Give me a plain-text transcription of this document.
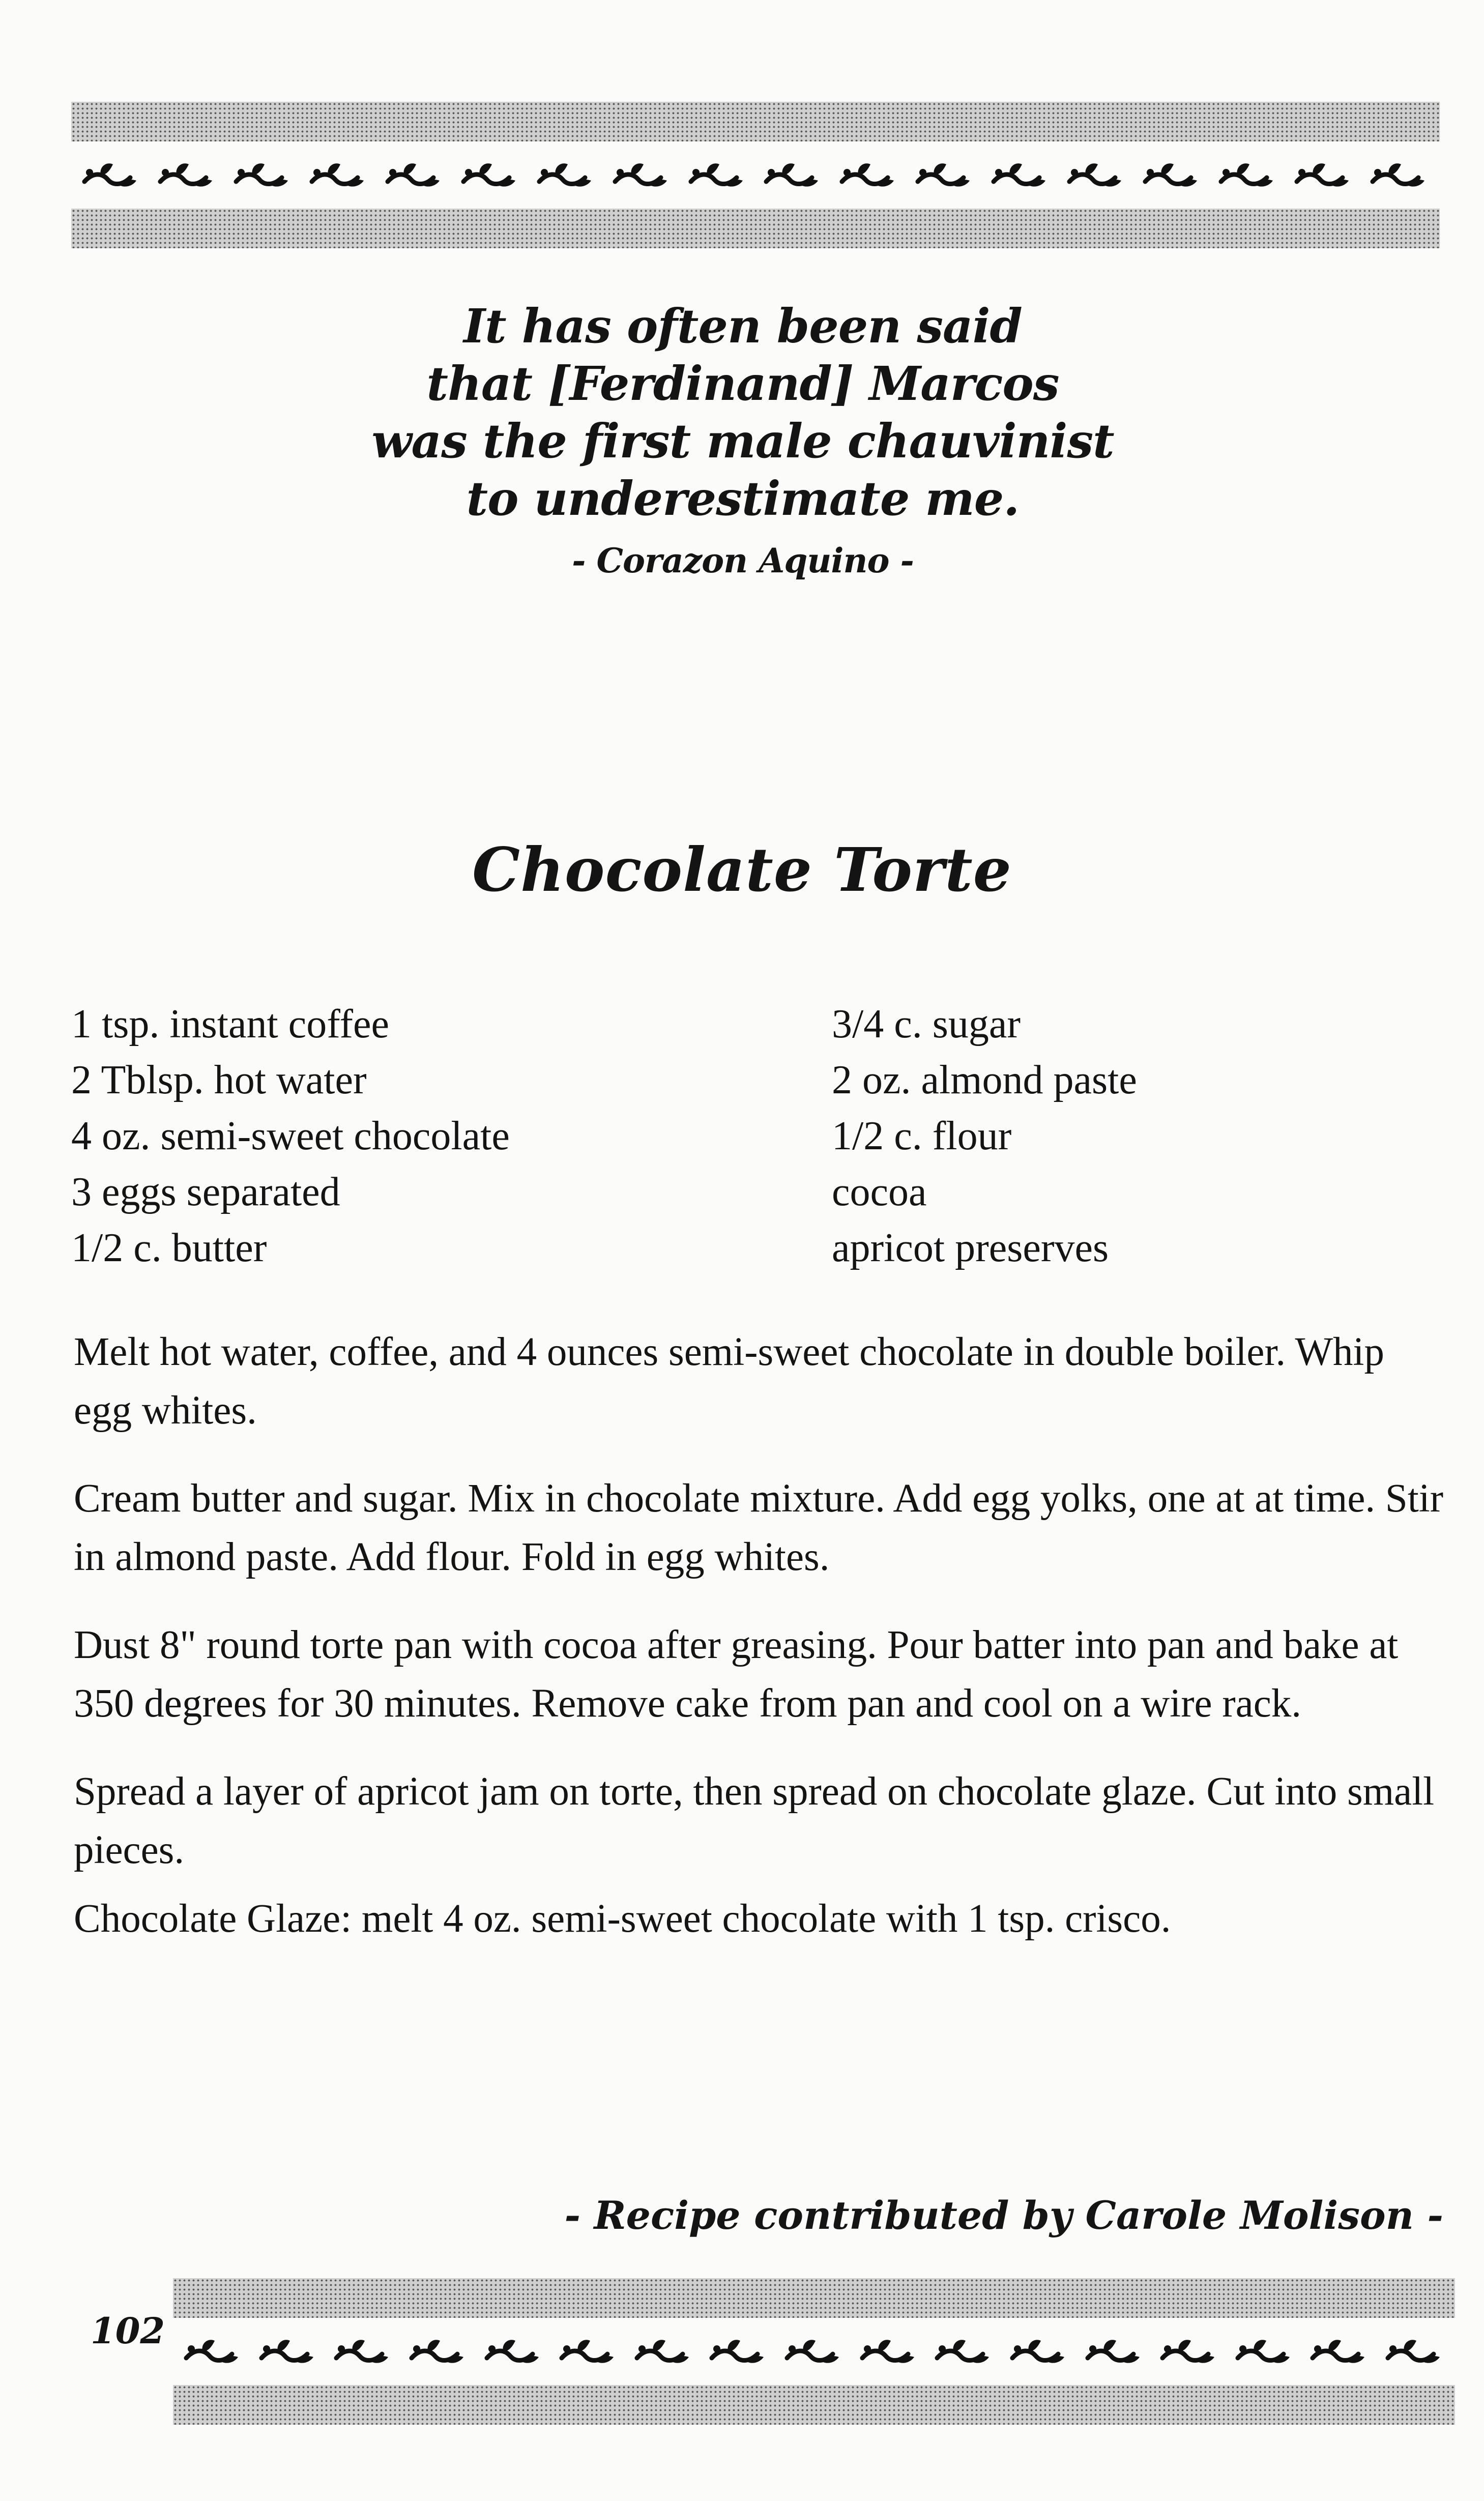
It has often been said
that [Ferdinand] Marcos
was the first male chauvinist
to underestimate me.
- Corazon Aquino -
Chocolate Torte
1 tsp. instant coffee
2 Tblsp. hot water
4 oz. semi-sweet chocolate
3 eggs separated
1/2 c. butter
3/4 c. sugar
2 oz. almond paste
1/2 c. flour
cocoa
apricot preserves

Melt hot water, coffee, and 4 ounces semi-sweet chocolate in double boiler. Whip egg whites.

Cream butter and sugar. Mix in chocolate mixture. Add egg yolks, one at at time. Stir in almond paste. Add flour. Fold in egg whites.

Dust 8" round torte pan with cocoa after greasing. Pour batter into pan and bake at 350 degrees for 30 minutes. Remove cake from pan and cool on a wire rack.

Spread a layer of apricot jam on torte, then spread on chocolate glaze. Cut into small pieces.

Chocolate Glaze: melt 4 oz. semi-sweet chocolate with 1 tsp. crisco.

- Recipe contributed by Carole Molison -
102
